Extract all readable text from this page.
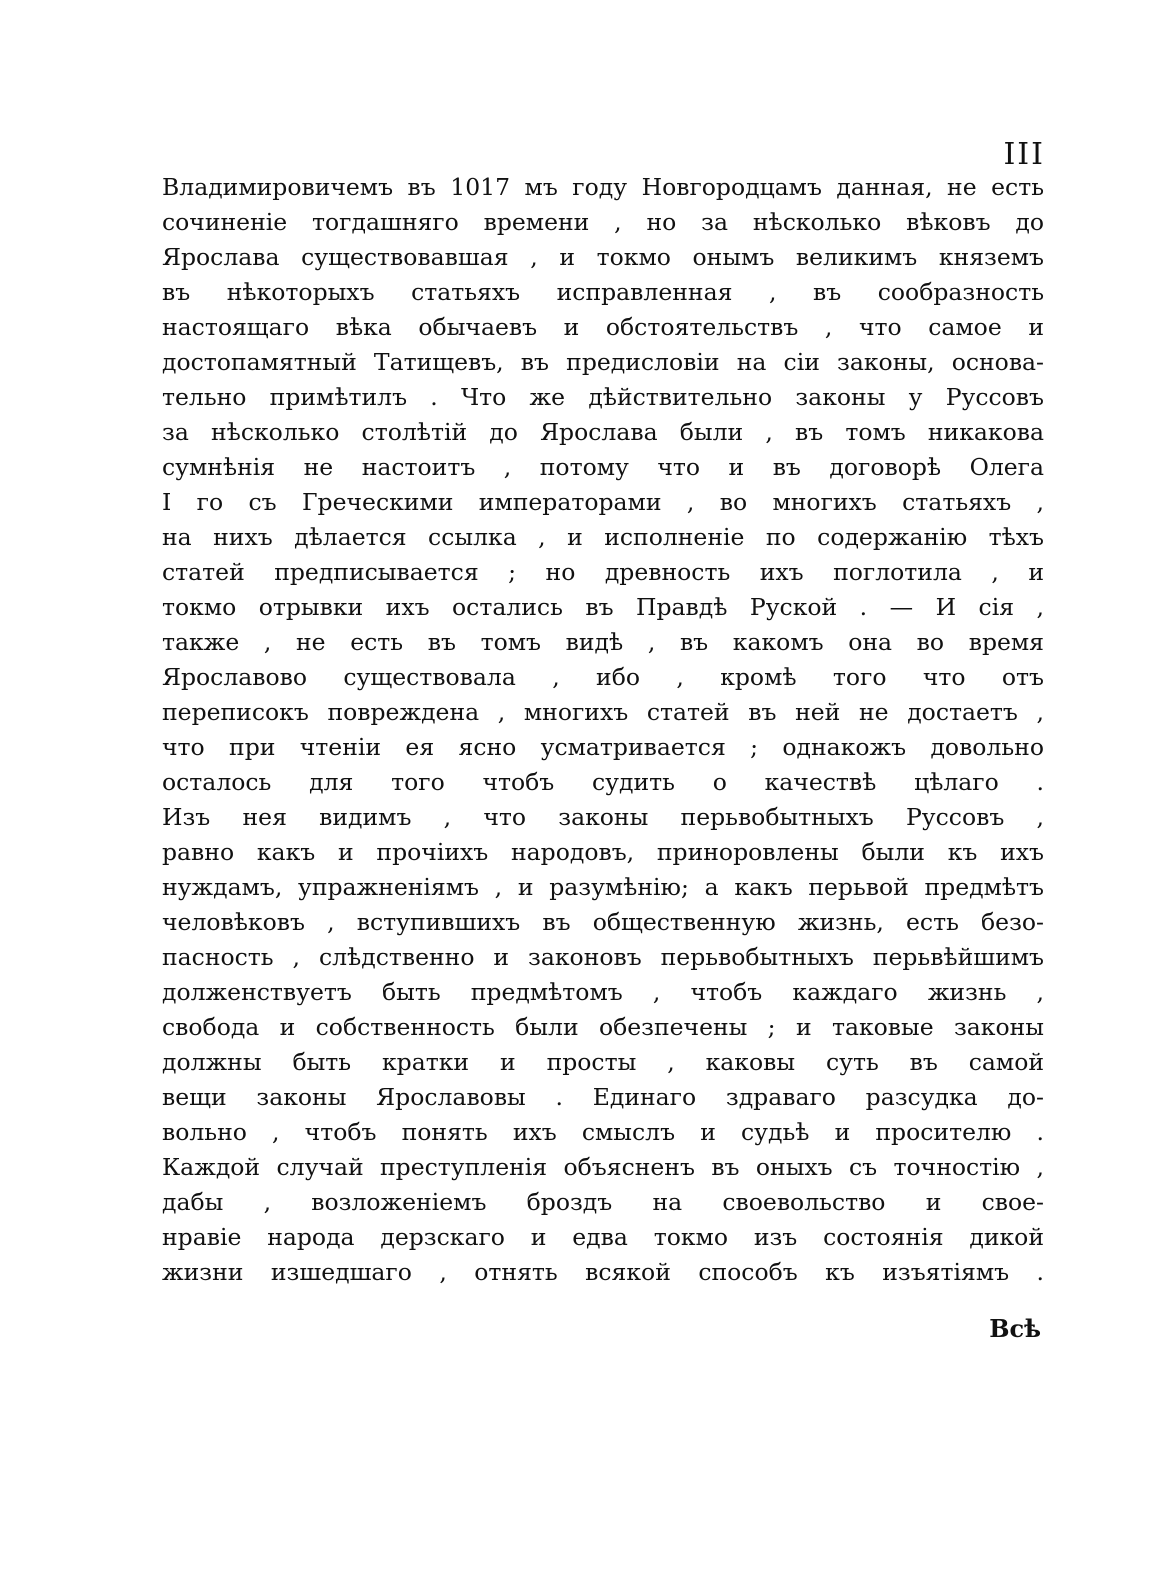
III
Владимировичемъ въ 1017 мъ году Новгородцамъ данная, не есть
сочиненіе тогдашняго времени , но за нѣсколько вѣковъ до
Ярослава существовавшая , и токмо онымъ великимъ княземъ
въ нѣкоторыхъ статьяхъ исправленная , въ сообразность
настоящаго вѣка обычаевъ и обстоятельствъ , что самое и
достопамятный Татищевъ, въ предисловіи на сіи законы, основа-
тельно примѣтилъ . Что же дѣйствительно законы у Руссовъ
за нѣсколько столѣтій до Ярослава были , въ томъ никакова
сумнѣнія не настоитъ , потому что и въ договорѣ Олега
I го съ Греческими императорами , во многихъ статьяхъ ,
на нихъ дѣлается ссылка , и исполненіе по содержанію тѣхъ
статей предписывается ; но древность ихъ поглотила , и
токмо отрывки ихъ остались въ Правдѣ Руской . — И сія ,
также , не есть въ томъ видѣ , въ какомъ она во время
Ярославово существовала , ибо , кромѣ того что отъ
переписокъ повреждена , многихъ статей въ ней не достаетъ ,
что при чтеніи ея ясно усматривается ; однакожъ довольно
осталось для того чтобъ судить о качествѣ цѣлаго .
Изъ нея видимъ , что законы перьвобытныхъ Руссовъ ,
равно какъ и прочіихъ народовъ, приноровлены были къ ихъ
нуждамъ, упражненіямъ , и разумѣнію; а какъ перьвой предмѣтъ
человѣковъ , вступившихъ въ общественную жизнь, есть безо-
пасность , слѣдственно и законовъ перьвобытныхъ перьвѣйшимъ
долженствуетъ быть предмѣтомъ , чтобъ каждаго жизнь ,
свобода и собственность были обезпечены ; и таковые законы
должны быть кратки и просты , каковы суть въ самой
вещи законы Ярославовы . Единаго здраваго разсудка до-
вольно , чтобъ понять ихъ смыслъ и судьѣ и просителю .
Каждой случай преступленія объясненъ въ оныхъ съ точностію ,
дабы , возложеніемъ броздъ на своевольство и свое-
нравіе народа дерзскаго и едва токмо изъ состоянія дикой
жизни изшедшаго , отнять всякой способъ къ изъятіямъ .
Всѣ
